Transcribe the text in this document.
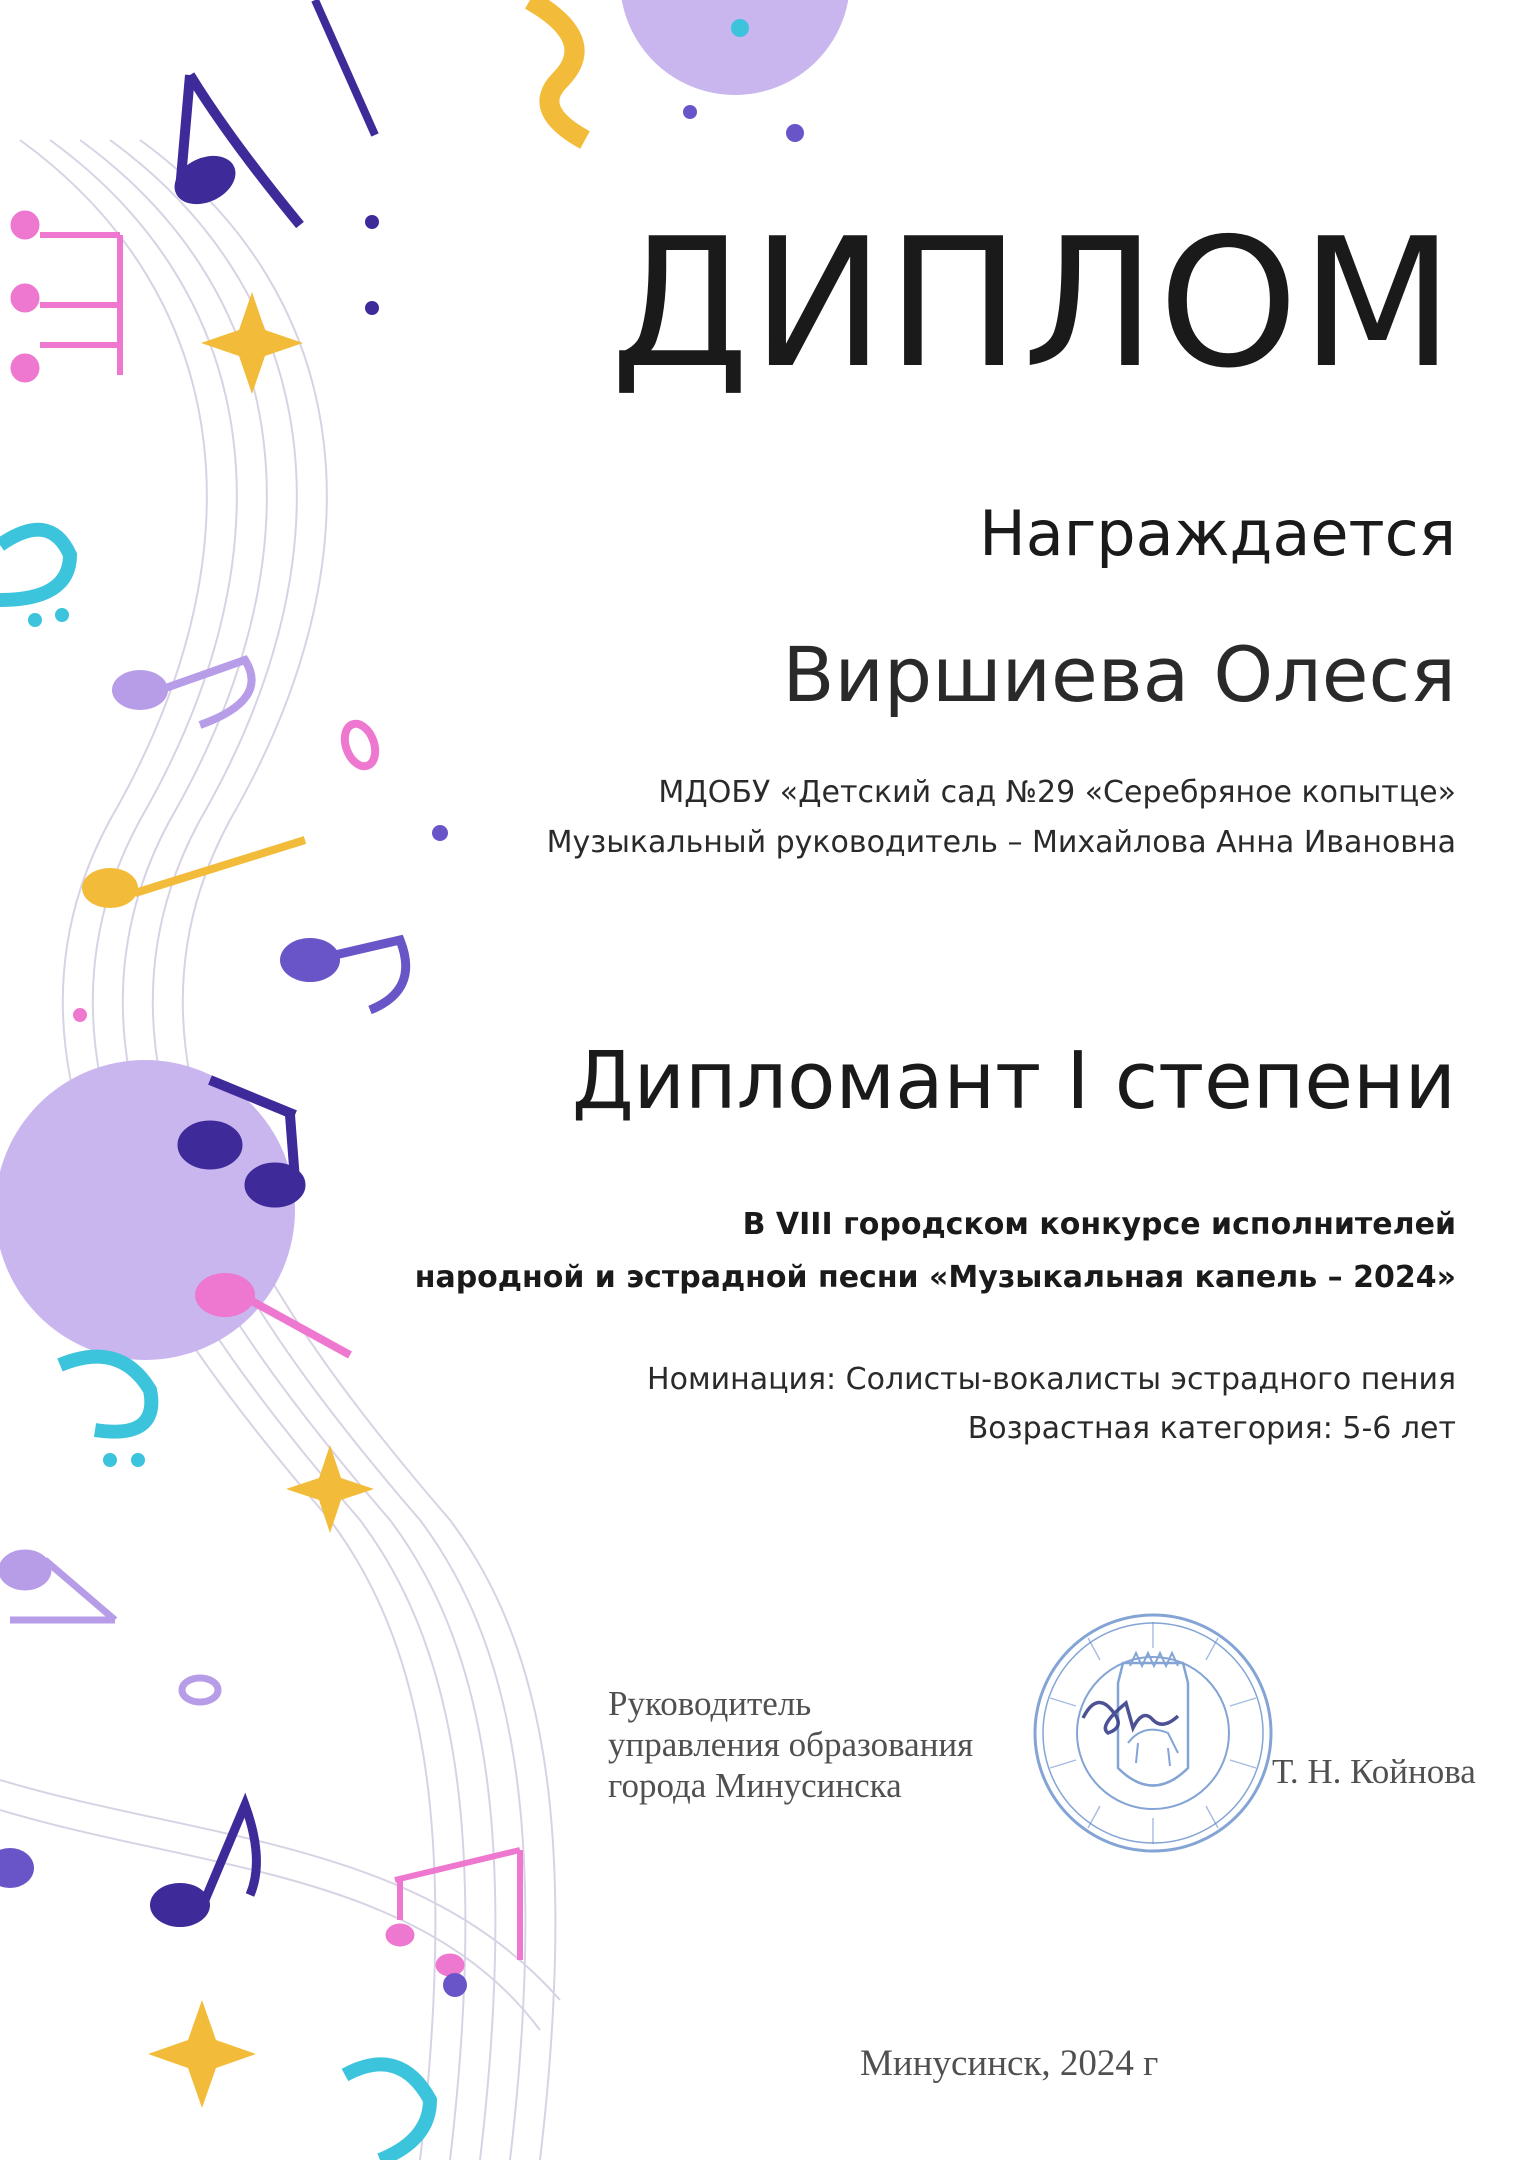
ДИПЛОМ
Награждается
Виршиева Олеся
МДОБУ «Детский сад №29 «Серебряное копытце»
Музыкальный руководитель – Михайлова Анна Ивановна
Дипломант I степени
В VIII городском конкурсе исполнителей
народной и эстрадной песни «Музыкальная капель – 2024»
Номинация: Солисты-вокалисты эстрадного пения
Возрастная категория: 5-6 лет
Руководитель
управления образования
города Минусинска	Т. Н. Койнова
Минусинск, 2024 г
